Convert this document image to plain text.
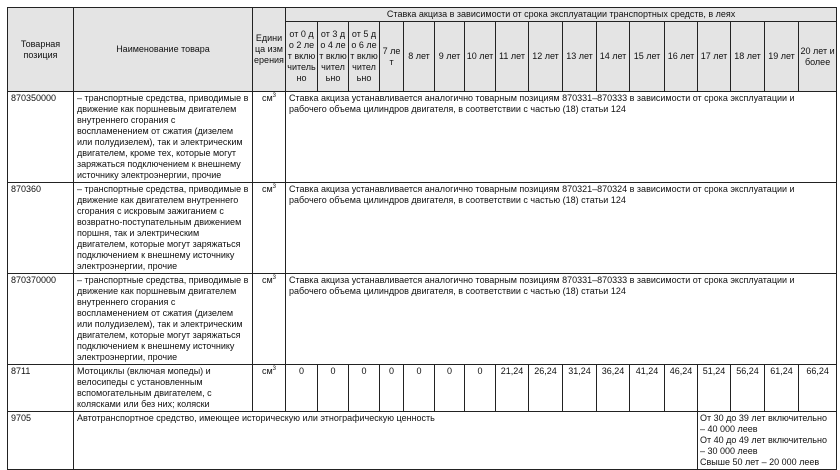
Товарная позиция	Наименование товара	Единица измерения	Ставка акциза в зависимости от срока эксплуатации транспортных средств, в леях																
			от 0 до 2 лет включительно	от 3 до 4 лет включительно	от 5 до 6 лет включительно	7 лет	8 лет	9 лет	10 лет	11 лет	12 лет	13 лет	14 лет	15 лет	16 лет	17 лет	18 лет	19 лет	20 лет и более
870350000	– транспортные средства, приводимые в движение как поршневым двигателем внутреннего сгорания с воспламенением от сжатия (дизелем или полудизелем), так и электрическим двигателем, кроме тех, которые могут заряжаться подключением к внешнему источнику электроэнергии, прочие	$см^3$	Ставка акциза устанавливается аналогично товарным позициям 870331–870333 в зависимости от срока эксплуатации и рабочего объема цилиндров двигателя, в соответствии с частью (18) статьи 124																
870360	– транспортные средства, приводимые в движение как двигателем внутреннего сгорания с искровым зажиганием с возвратно-поступательным движением поршня, так и электрическим двигателем, которые могут заряжаться подключением к внешнему источнику электроэнергии, прочие	$см^3$	Ставка акциза устанавливается аналогично товарным позициям 870321–870324 в зависимости от срока эксплуатации и рабочего объема цилиндров двигателя, в соответствии с частью (18) статьи 124																
870370000	– транспортные средства, приводимые в движение как поршневым двигателем внутреннего сгорания с воспламенением от сжатия (дизелем или полудизелем), так и электрическим двигателем, которые могут заряжаться подключением к внешнему источнику электроэнергии, прочие	$см^3$	Ставка акциза устанавливается аналогично товарным позициям 870331–870333 в зависимости от срока эксплуатации и рабочего объема цилиндров двигателя, в соответствии с частью (18) статьи 124																
8711	Мотоциклы (включая мопеды) и велосипеды с установленным вспомогательным двигателем, с колясками или без них; коляски	$см^3$	0	0	0	0	0	0	0	21,24	26,24	31,24	36,24	41,24	46,24	51,24	56,24	61,24	66,24
9705	Автотранспортное средство, имеющее историческую или этнографическую ценность															От 30 до 39 лет включительно – 40 000 леев
От 40 до 49 лет включительно – 30 000 леев
Свыше 50 лет – 20 000 леев			
